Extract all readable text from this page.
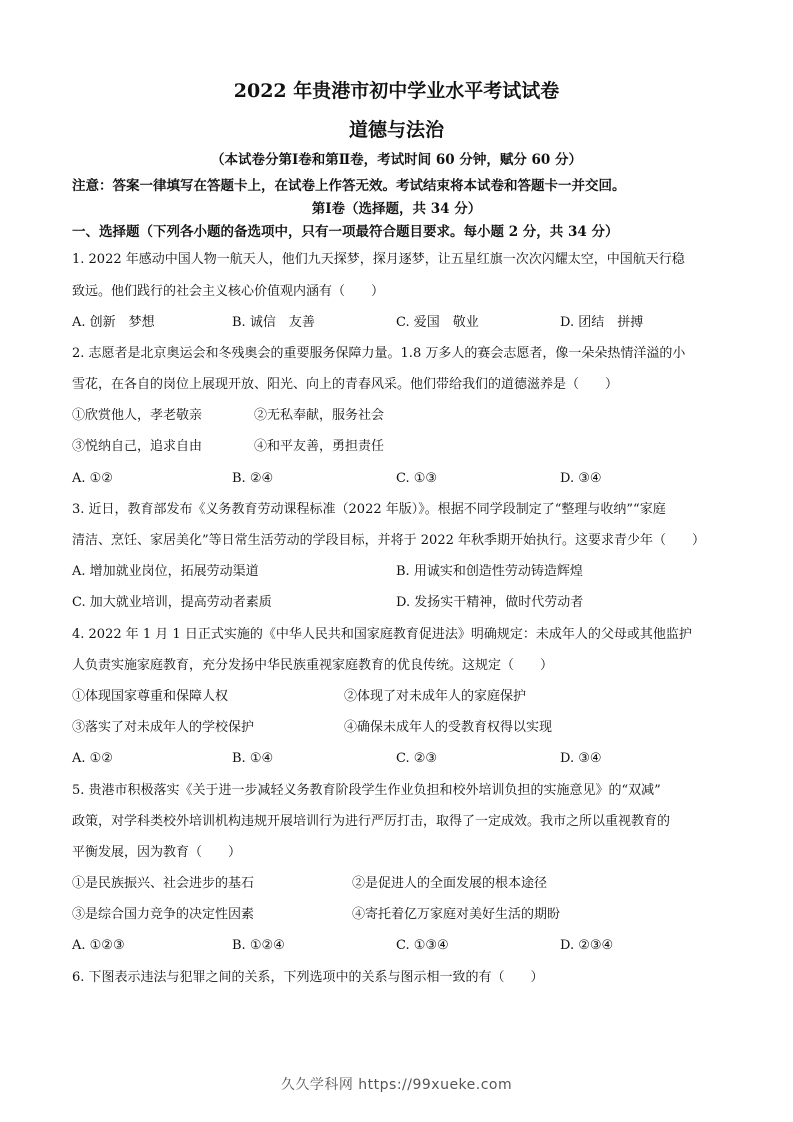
2022 年贵港市初中学业水平考试试卷
道德与法治
（本试卷分第Ⅰ卷和第Ⅱ卷，考试时间 60 分钟，赋分 60 分）
注意：答案一律填写在答题卡上，在试卷上作答无效。考试结束将本试卷和答题卡一并交回。
第Ⅰ卷（选择题，共 34 分）
一、选择题（下列各小题的备选项中，只有一项最符合题目要求。每小题 2 分，共 34 分）
1. 2022 年感动中国人物一航天人，他们九天探梦，探月逐梦，让五星红旗一次次闪耀太空，中国航天行稳
致远。他们践行的社会主义核心价值观内涵有（　　）
A. 创新　梦想	B. 诚信　友善	C. 爱国　敬业	D. 团结　拼搏
2. 志愿者是北京奥运会和冬残奥会的重要服务保障力量。1.8 万多人的赛会志愿者，像一朵朵热情洋溢的小
雪花，在各自的岗位上展现开放、阳光、向上的青春风采。他们带给我们的道德滋养是（　　）
①欣赏他人，孝老敬亲	②无私奉献，服务社会
③悦纳自己，追求自由	④和平友善，勇担责任
A. ①②	B. ②④	C. ①③	D. ③④
3. 近日，教育部发布《义务教育劳动课程标准（2022 年版）》。根据不同学段制定了“整理与收纳”“家庭
清洁、烹饪、家居美化”等日常生活劳动的学段目标，并将于 2022 年秋季期开始执行。这要求青少年（　　）
A. 增加就业岗位，拓展劳动渠道	B. 用诚实和创造性劳动铸造辉煌
C. 加大就业培训，提高劳动者素质	D. 发扬实干精神，做时代劳动者
4. 2022 年 1 月 1 日正式实施的《中华人民共和国家庭教育促进法》明确规定：未成年人的父母或其他监护
人负责实施家庭教育，充分发扬中华民族重视家庭教育的优良传统。这规定（　　）
①体现国家尊重和保障人权	②体现了对未成年人的家庭保护
③落实了对未成年人的学校保护	④确保未成年人的受教育权得以实现
A. ①②	B. ①④	C. ②③	D. ③④
5. 贵港市积极落实《关于进一步减轻义务教育阶段学生作业负担和校外培训负担的实施意见》的“双减”
政策，对学科类校外培训机构违规开展培训行为进行严厉打击，取得了一定成效。我市之所以重视教育的
平衡发展，因为教育（　　）
①是民族振兴、社会进步的基石	②是促进人的全面发展的根本途径
③是综合国力竞争的决定性因素	④寄托着亿万家庭对美好生活的期盼
A. ①②③	B. ①②④	C. ①③④	D. ②③④
6. 下图表示违法与犯罪之间的关系，下列选项中的关系与图示相一致的有（　　）
久久学科网 https://99xueke.com
